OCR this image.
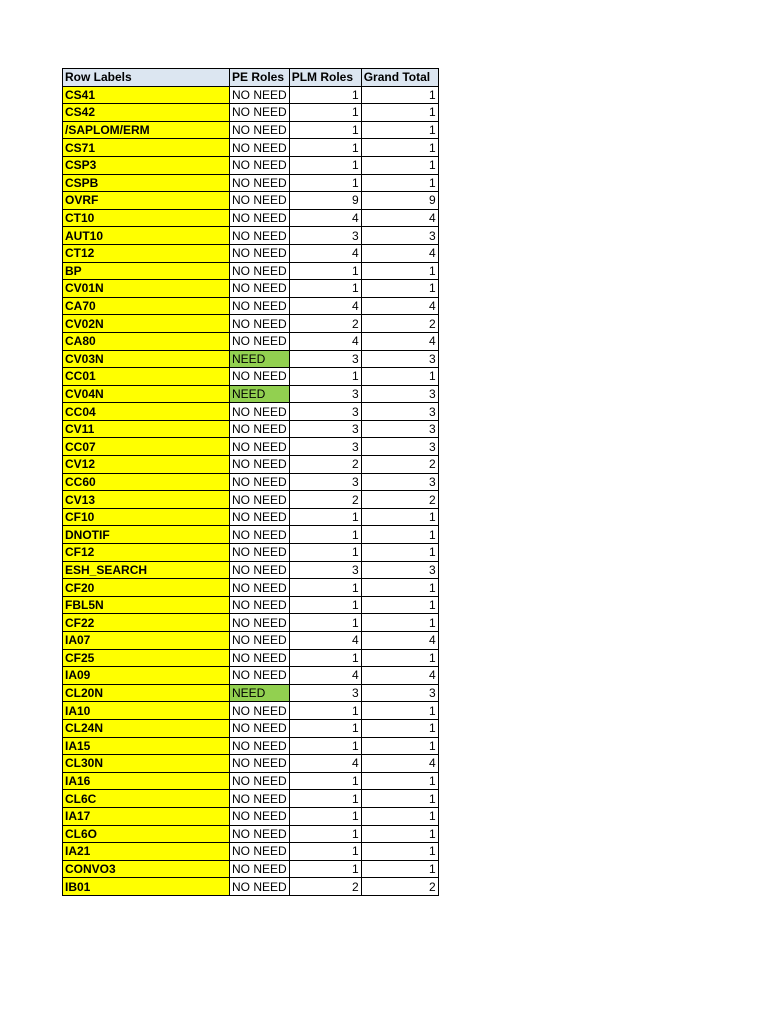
Row Labels	PE Roles	PLM Roles	Grand Total
CS41	NO NEED	1	1
CS42	NO NEED	1	1
/SAPLOM/ERM	NO NEED	1	1
CS71	NO NEED	1	1
CSP3	NO NEED	1	1
CSPB	NO NEED	1	1
OVRF	NO NEED	9	9
CT10	NO NEED	4	4
AUT10	NO NEED	3	3
CT12	NO NEED	4	4
BP	NO NEED	1	1
CV01N	NO NEED	1	1
CA70	NO NEED	4	4
CV02N	NO NEED	2	2
CA80	NO NEED	4	4
CV03N	NEED	3	3
CC01	NO NEED	1	1
CV04N	NEED	3	3
CC04	NO NEED	3	3
CV11	NO NEED	3	3
CC07	NO NEED	3	3
CV12	NO NEED	2	2
CC60	NO NEED	3	3
CV13	NO NEED	2	2
CF10	NO NEED	1	1
DNOTIF	NO NEED	1	1
CF12	NO NEED	1	1
ESH_SEARCH	NO NEED	3	3
CF20	NO NEED	1	1
FBL5N	NO NEED	1	1
CF22	NO NEED	1	1
IA07	NO NEED	4	4
CF25	NO NEED	1	1
IA09	NO NEED	4	4
CL20N	NEED	3	3
IA10	NO NEED	1	1
CL24N	NO NEED	1	1
IA15	NO NEED	1	1
CL30N	NO NEED	4	4
IA16	NO NEED	1	1
CL6C	NO NEED	1	1
IA17	NO NEED	1	1
CL6O	NO NEED	1	1
IA21	NO NEED	1	1
CONVO3	NO NEED	1	1
IB01	NO NEED	2	2
